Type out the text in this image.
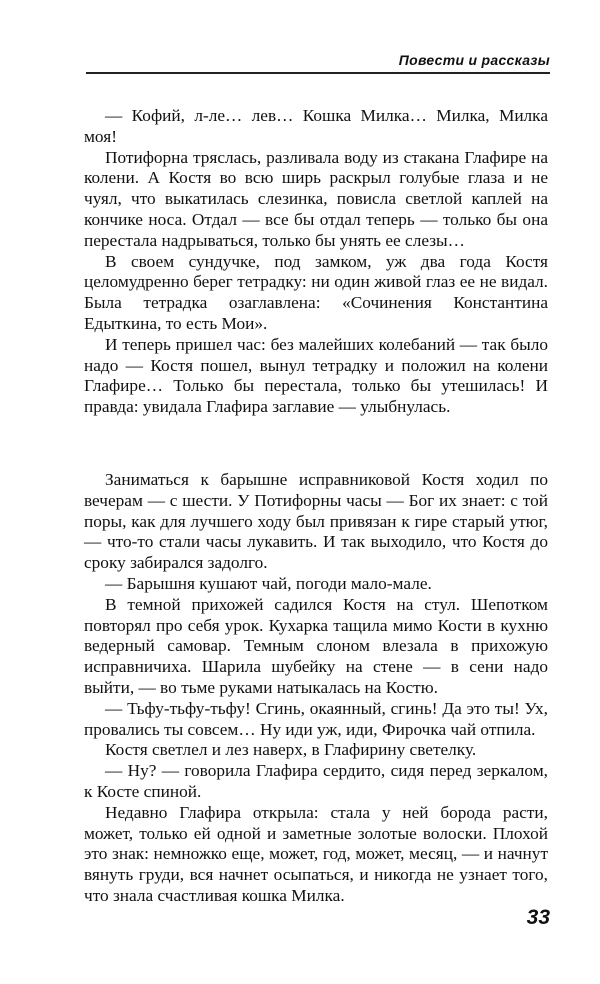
Повести и рассказы

— Кофий, л-ле… лев… Кошка Милка… Милка, Милка моя!

Потифорна тряслась, разливала воду из стакана Глафире на колени. А Костя во всю ширь раскрыл голубые глаза и не чуял, что выкатилась слезинка, повисла светлой каплей на кончике носа. Отдал — все бы отдал теперь — только бы она перестала надрываться, только бы унять ее слезы…

В своем сундучке, под замком, уж два года Костя целомудренно берег тетрадку: ни один живой глаз ее не видал. Была тетрадка озаглавлена: «Сочинения Константина Едыткина, то есть Мои».

И теперь пришел час: без малейших колебаний — так было надо — Костя пошел, вынул тетрадку и положил на колени Глафире… Только бы перестала, только бы утешилась! И правда: увидала Глафира заглавие — улыбнулась.

Заниматься к барышне исправниковой Костя ходил по вечерам — с шести. У Потифорны часы — Бог их знает: с той поры, как для лучшего ходу был привязан к гире старый утюг, — что-то стали часы лукавить. И так выходило, что Костя до сроку забирался задолго.

— Барышня кушают чай, погоди мало-мале.

В темной прихожей садился Костя на стул. Шепотком повторял про себя урок. Кухарка тащила мимо Кости в кухню ведерный самовар. Темным слоном влезала в прихожую исправничиха. Шарила шубейку на стене — в сени надо выйти, — во тьме руками натыкалась на Костю.

— Тьфу-тьфу-тьфу! Сгинь, окаянный, сгинь! Да это ты! Ух, провались ты совсем… Ну иди уж, иди, Фирочка чай отпила.

Костя светлел и лез наверх, в Глафирину светелку.

— Ну? — говорила Глафира сердито, сидя перед зеркалом, к Косте спиной.

Недавно Глафира открыла: стала у ней борода расти, может, только ей одной и заметные золотые волоски. Плохой это знак: немножко еще, может, год, может, месяц, — и начнут вянуть груди, вся начнет осыпаться, и никогда не узнает того, что знала счастливая кошка Милка.

33
